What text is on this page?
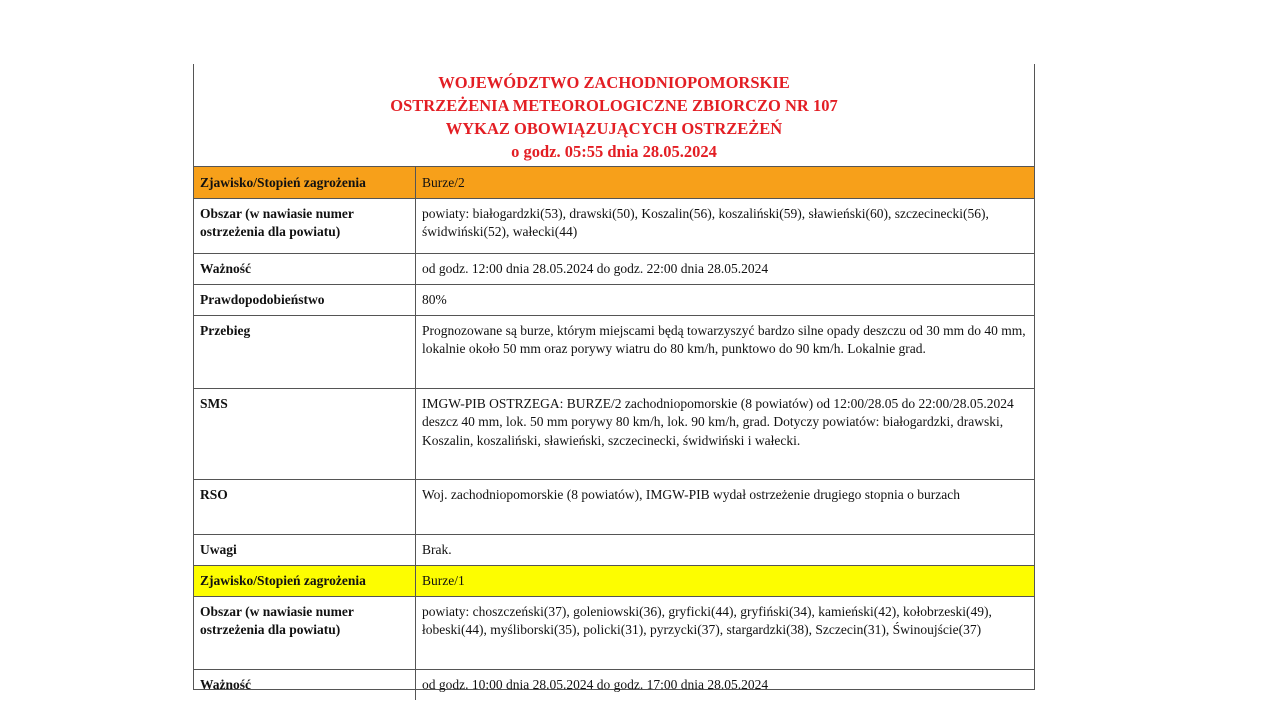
WOJEWÓDZTWO ZACHODNIOPOMORSKIE
OSTRZEŻENIA METEOROLOGICZNE ZBIORCZO NR 107
WYKAZ OBOWIĄZUJĄCYCH OSTRZEŻEŃ
o godz. 05:55 dnia 28.05.2024
Zjawisko/Stopień zagrożenia	Burze/2
Obszar (w nawiasie numer ostrzeżenia dla powiatu)	powiaty: białogardzki(53), drawski(50), Koszalin(56), koszaliński(59), sławieński(60), szczecinecki(56), świdwiński(52), wałecki(44)
Ważność	od godz. 12:00 dnia 28.05.2024 do godz. 22:00 dnia 28.05.2024
Prawdopodobieństwo	80%
Przebieg	Prognozowane są burze, którym miejscami będą towarzyszyć bardzo silne opady deszczu od 30 mm do 40 mm, lokalnie około 50 mm oraz porywy wiatru do 80 km/h, punktowo do 90 km/h. Lokalnie grad.
SMS	IMGW-PIB OSTRZEGA: BURZE/2 zachodniopomorskie (8 powiatów) od 12:00/28.05 do 22:00/28.05.2024 deszcz 40 mm, lok. 50 mm porywy 80 km/h, lok. 90 km/h, grad. Dotyczy powiatów: białogardzki, drawski, Koszalin, koszaliński, sławieński, szczecinecki, świdwiński i wałecki.
RSO	Woj. zachodniopomorskie (8 powiatów), IMGW-PIB wydał ostrzeżenie drugiego stopnia o burzach
Uwagi	Brak.
Zjawisko/Stopień zagrożenia	Burze/1
Obszar (w nawiasie numer ostrzeżenia dla powiatu)	powiaty: choszczeński(37), goleniowski(36), gryficki(44), gryfiński(34), kamieński(42), kołobrzeski(49), łobeski(44), myśliborski(35), policki(31), pyrzycki(37), stargardzki(38), Szczecin(31), Świnoujście(37)
Ważność	od godz. 10:00 dnia 28.05.2024 do godz. 17:00 dnia 28.05.2024
